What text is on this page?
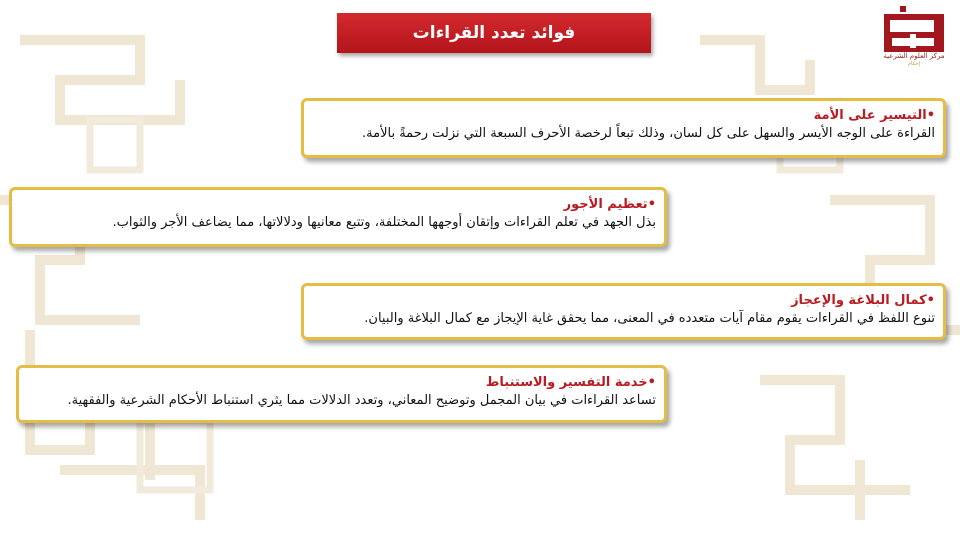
مركز العلوم الشرعية
إحكام
فوائد تعدد القراءات
•التيسير على الأمة
القراءة على الوجه الأيسر والسهل على كل لسان، وذلك تبعاً لرخصة الأحرف السبعة التي نزلت رحمةً بالأمة.
•تعظيم الأجور
بذل الجهد في تعلم القراءات وإتقان أوجهها المختلفة، وتتبع معانيها ودلالاتها، مما يضاعف الأجر والثواب.
•كمال البلاغة والإعجاز
تنوع اللفظ في القراءات يقوم مقام آيات متعدده في المعنى، مما يحقق غاية الإيجاز مع كمال البلاغة والبيان.
•خدمة التفسير والاستنباط
تساعد القراءات في بيان المجمل وتوضيح المعاني، وتعدد الدلالات مما يثري استنباط الأحكام الشرعية والفقهية.
